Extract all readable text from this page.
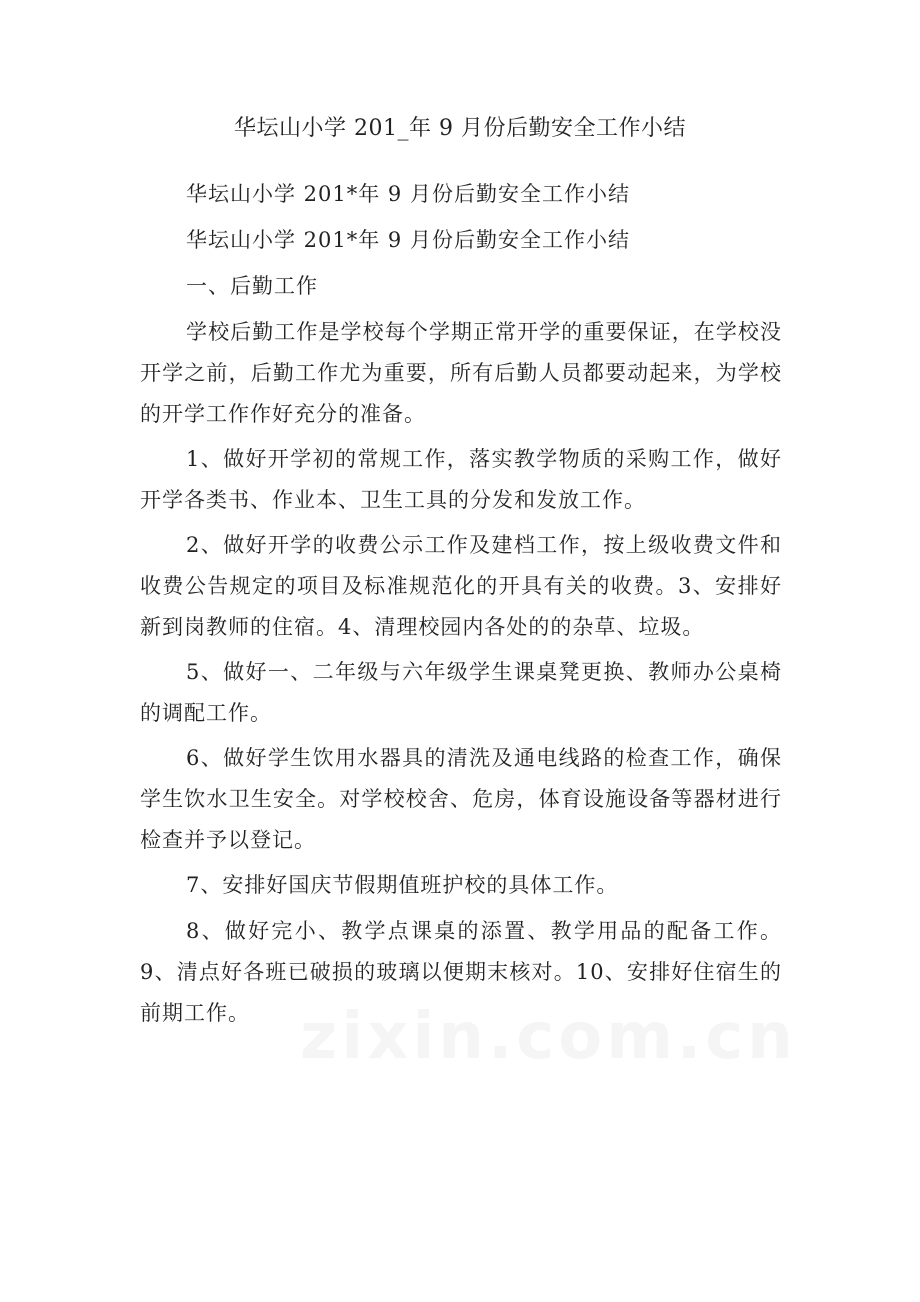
华坛山小学 201_年 9 月份后勤安全工作小结

华坛山小学 201*年 9 月份后勤安全工作小结

华坛山小学 201*年 9 月份后勤安全工作小结

一、后勤工作

学校后勤工作是学校每个学期正常开学的重要保证，在学校没开学之前，后勤工作尤为重要，所有后勤人员都要动起来，为学校的开学工作作好充分的准备。

1、做好开学初的常规工作，落实教学物质的采购工作，做好开学各类书、作业本、卫生工具的分发和发放工作。

2、做好开学的收费公示工作及建档工作，按上级收费文件和收费公告规定的项目及标准规范化的开具有关的收费。3、安排好新到岗教师的住宿。4、清理校园内各处的的杂草、垃圾。

5、做好一、二年级与六年级学生课桌凳更换、教师办公桌椅的调配工作。

6、做好学生饮用水器具的清洗及通电线路的检查工作，确保学生饮水卫生安全。对学校校舍、危房，体育设施设备等器材进行检查并予以登记。

7、安排好国庆节假期值班护校的具体工作。

8、做好完小、教学点课桌的添置、教学用品的配备工作。9、清点好各班已破损的玻璃以便期末核对。10、安排好住宿生的前期工作。 zixin.com.cn
